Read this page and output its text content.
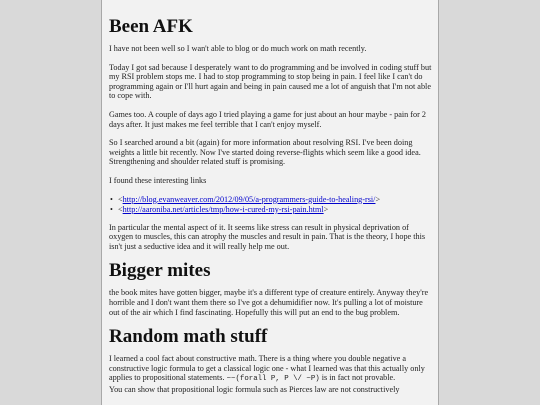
Been AFK

I have not been well so I wan't able to blog or do much work on math recently.

Today I got sad because I desperately want to do programming and be involved in coding stuff but my RSI problem stops me. I had to stop programming to stop being in pain. I feel like I can't do programming again or I'll hurt again and being in pain caused me a lot of anguish that I'm not able to cope with.

Games too. A couple of days ago I tried playing a game for just about an hour maybe - pain for 2 days after. It just makes me feel terrible that I can't enjoy myself.

So I searched around a bit (again) for more information about resolving RSI. I've been doing weights a little bit recently. Now I've started doing reverse-flights which seem like a good idea. Strengthening and shoulder related stuff is promising.

I found these interesting links

• <http://blog.evanweaver.com/2012/09/05/a-programmers-guide-to-healing-rsi/>
• <http://aaroniba.net/articles/tmp/how-i-cured-my-rsi-pain.html>

In particular the mental aspect of it. It seems like stress can result in physical deprivation of oxygen to muscles, this can atrophy the muscles and result in pain. That is the theory, I hope this isn't just a seductive idea and it will really help me out.

Bigger mites

the book mites have gotten bigger, maybe it's a different type of creature entirely. Anyway they're horrible and I don't want them there so I've got a dehumidifier now. It's pulling a lot of moisture out of the air which I find fascinating. Hopefully this will put an end to the bug problem.

Random math stuff

I learned a cool fact about constructive math. There is a thing where you double negative a constructive logic formula to get a classical logic one - what I learned was that this actually only applies to propositional statements. ~~(forall P, P \/ ~P) is in fact not provable.
You can show that propositional logic formula such as Pierces law are not constructively
